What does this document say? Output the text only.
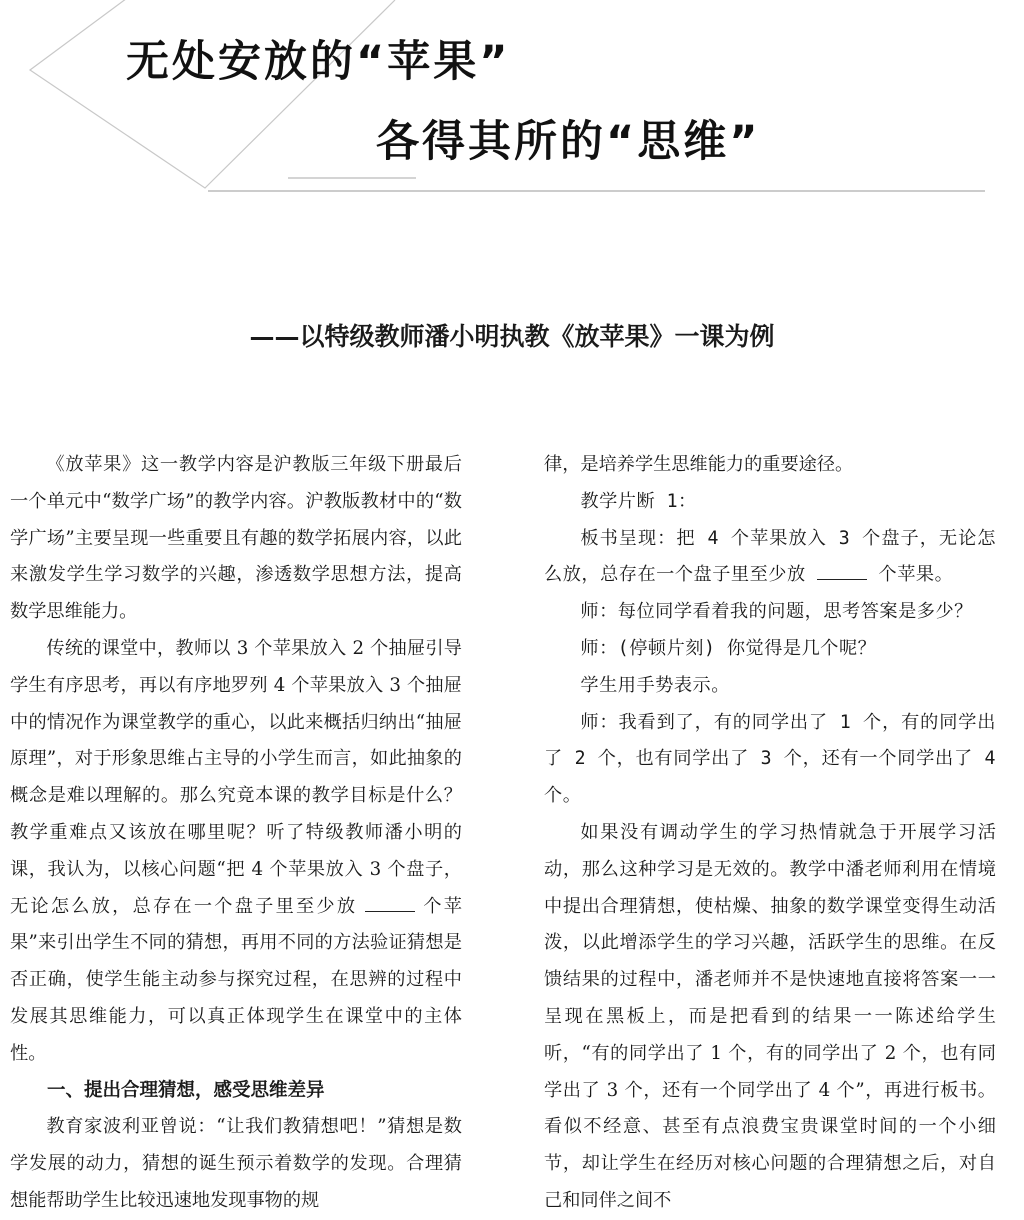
无处安放的“苹果”
各得其所的“思维”
——以特级教师潘小明执教《放苹果》一课为例

《放苹果》这一教学内容是沪教版三年级下册最后一个单元中“数学广场”的教学内容。沪教版教材中的“数学广场”主要呈现一些重要且有趣的数学拓展内容，以此来激发学生学习数学的兴趣，渗透数学思想方法，提高数学思维能力。

传统的课堂中，教师以 3 个苹果放入 2 个抽屉引导学生有序思考，再以有序地罗列 4 个苹果放入 3 个抽屉中的情况作为课堂教学的重心，以此来概括归纳出“抽屉原理”，对于形象思维占主导的小学生而言，如此抽象的概念是难以理解的。那么究竟本课的教学目标是什么？教学重难点又该放在哪里呢？听了特级教师潘小明的课，我认为，以核心问题“把 4 个苹果放入 3 个盘子，无论怎么放，总存在一个盘子里至少放	个苹果”来引出学生不同的猜想，再用不同的方法验证猜想是否正确，使学生能主动参与探究过程，在思辨的过程中发展其思维能力，可以真正体现学生在课堂中的主体性。

一、提出合理猜想，感受思维差异

教育家波利亚曾说：“让我们教猜想吧！”猜想是数学发展的动力，猜想的诞生预示着数学的发现。合理猜想能帮助学生比较迅速地发现事物的规

律，是培养学生思维能力的重要途径。

教学片断 1：

板书呈现：把 4 个苹果放入 3 个盘子，无论怎么放，总存在一个盘子里至少放	个苹果。

师：每位同学看着我的问题，思考答案是多少？

师：(停顿片刻) 你觉得是几个呢？

学生用手势表示。

师：我看到了，有的同学出了 1 个，有的同学出了 2 个，也有同学出了 3 个，还有一个同学出了 4 个。

如果没有调动学生的学习热情就急于开展学习活动，那么这种学习是无效的。教学中潘老师利用在情境中提出合理猜想，使枯燥、抽象的数学课堂变得生动活泼，以此增添学生的学习兴趣，活跃学生的思维。在反馈结果的过程中，潘老师并不是快速地直接将答案一一呈现在黑板上，而是把看到的结果一一陈述给学生听，“有的同学出了 1 个，有的同学出了 2 个，也有同学出了 3 个，还有一个同学出了 4 个”，再进行板书。看似不经意、甚至有点浪费宝贵课堂时间的一个小细节，却让学生在经历对核心问题的合理猜想之后，对自己和同伴之间不
